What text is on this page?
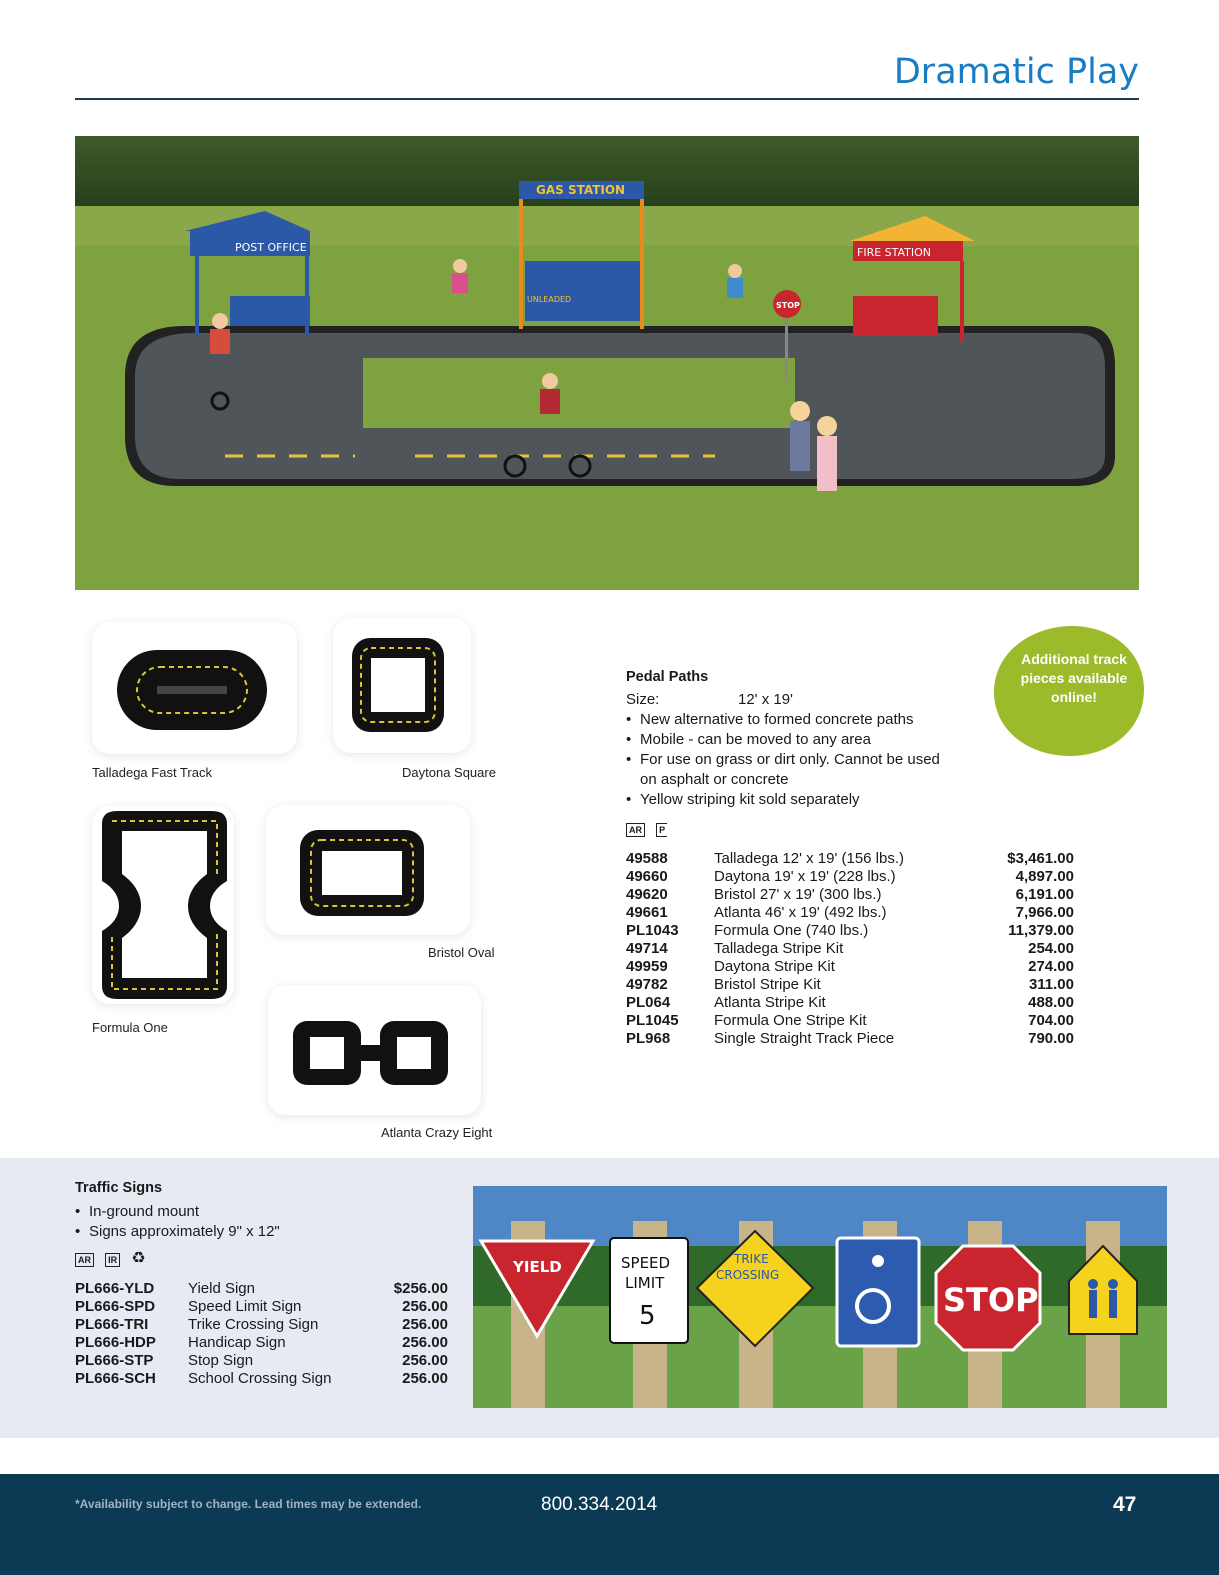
Dramatic Play
POST OFFICE
GAS STATION
UNLEADED
FIRE STATION
STOP
Talladega Fast Track	Daytona Square
Formula One
Bristol Oval
Atlanta Crazy Eight
Pedal Paths
Size:	12' x 19'
• New alternative to formed concrete paths
• Mobile - can be moved to any area
• For use on grass or dirt only. Cannot be used on asphalt or concrete
• Yellow striping kit sold separately
AR P
49588	Talladega 12' x 19' (156 lbs.)	$3,461.00
49660	Daytona 19' x 19' (228 lbs.)	4,897.00
49620	Bristol 27' x 19' (300 lbs.)	6,191.00
49661	Atlanta 46' x 19' (492 lbs.)	7,966.00
PL1043	Formula One (740 lbs.)	11,379.00
49714	Talladega Stripe Kit	254.00
49959	Daytona Stripe Kit	274.00
49782	Bristol Stripe Kit	311.00
PL064	Atlanta Stripe Kit	488.00
PL1045	Formula One Stripe Kit	704.00
PL968	Single Straight Track Piece	790.00
Additional track pieces available online!
Traffic Signs
• In-ground mount
• Signs approximately 9" x 12"
AR IR ♻
PL666-YLD	Yield Sign	$256.00
PL666-SPD	Speed Limit Sign	256.00
PL666-TRI	Trike Crossing Sign	256.00
PL666-HDP	Handicap Sign	256.00
PL666-STP	Stop Sign	256.00
PL666-SCH	School Crossing Sign	256.00
YIELD	SPEED
LIMIT
5
TRIKE
CROSSING
STOP
*Availability subject to change. Lead times may be extended.	800.334.2014	47
